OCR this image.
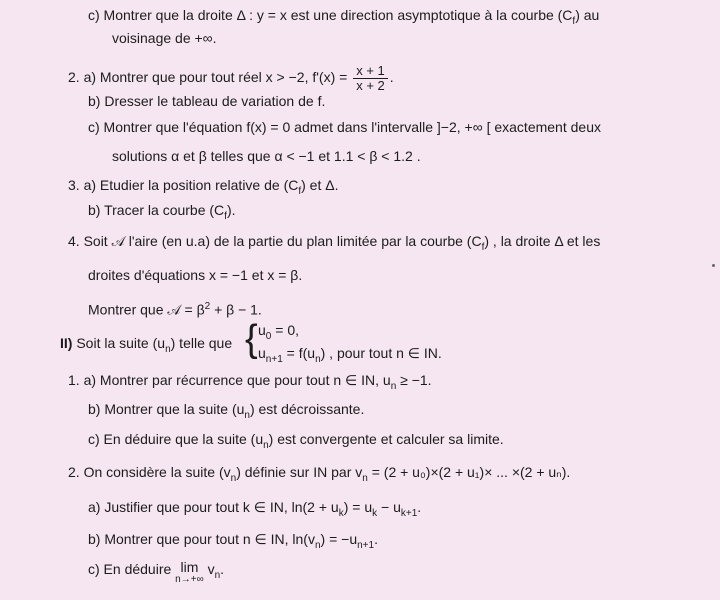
c) Montrer que la droite Δ : y = x est une direction asymptotique à la courbe $(C_f)$ au
voisinage de +∞.
2. a) Montrer que pour tout réel x > −2, $f'(x) = \frac{x + 1}{x + 2}$ .
b) Dresser le tableau de variation de f.
c) Montrer que l'équation f(x) = 0 admet dans l'intervalle ]−2, +∞ [ exactement deux
solutions α et β telles que α < −1 et 1.1 < β < 1.2 .
3. a) Etudier la position relative de $(C_f)$ et Δ.
b) Tracer la courbe $(C_f)$.
4. Soit 𝒜 l'aire (en u.a) de la partie du plan limitée par la courbe $(C_f)$ , la droite Δ et les
droites d'équations x = −1 et x = β.
Montrer que 𝒜 = $\beta^2 + \beta - 1$.
II) Soit la suite $(u_n)$ telle que { $u_0 = 0$,
$u_{n+1} = f(u_n)$ , pour tout n ∈ IN.
1. a) Montrer par récurrence que pour tout n ∈ IN, $u_n \ge -1$.
b) Montrer que la suite $(u_n)$ est décroissante.
c) En déduire que la suite $(u_n)$ est convergente et calculer sa limite.
2. On considère la suite $(v_n)$ définie sur IN par $v_n = (2 + u_0)\times(2 + u_1)\times$ ... ×(2 + uₙ).
a) Justifier que pour tout k ∈ IN, $\ln(2 + u_k) = u_k - u_{k+1}$.
b) Montrer que pour tout n ∈ IN, $\ln(v_n) = -u_{n+1}$.
c) En déduire lim
n→+∞
$v_n$.
